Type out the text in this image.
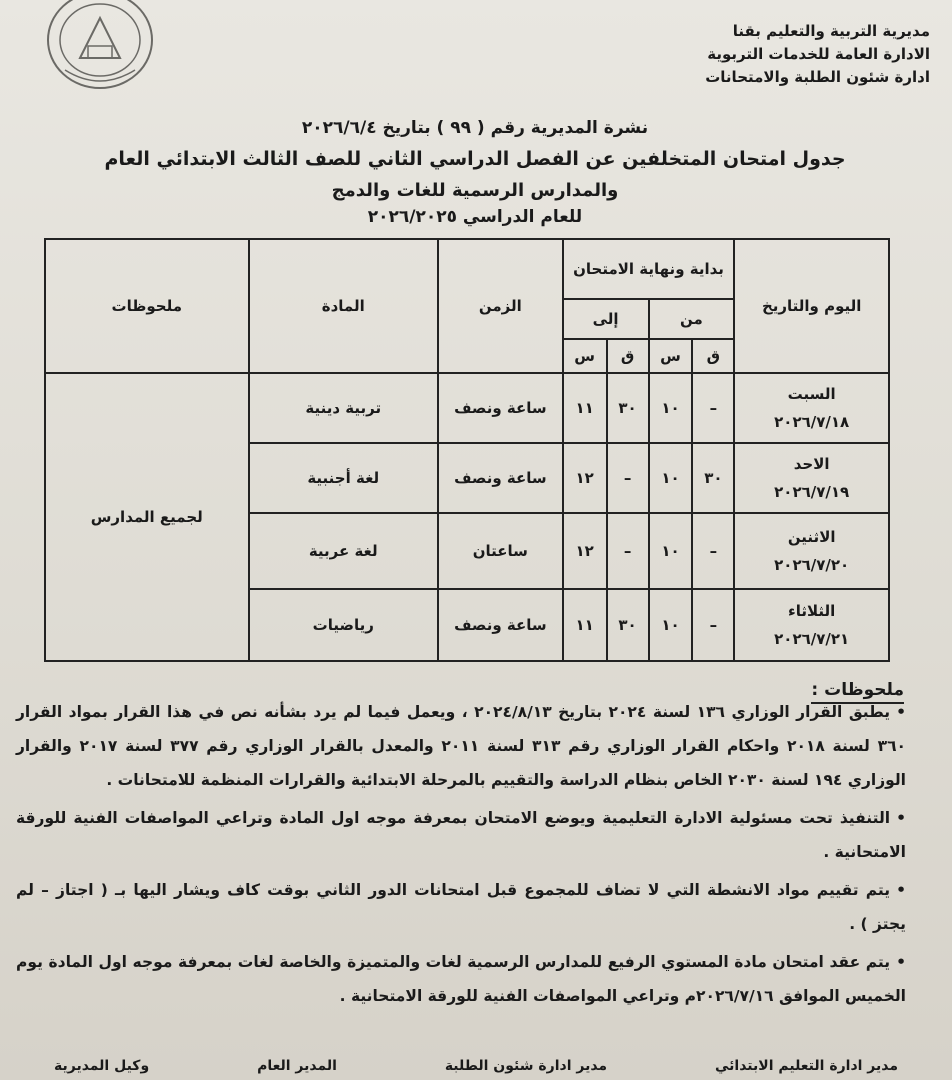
مديرية التربية والتعليم بقنا
الادارة العامة للخدمات التربوية
ادارة شئون الطلبة والامتحانات
نشرة المديرية رقم ( ٩٩ ) بتاريخ ٢٠٢٦/٦/٤
جدول امتحان المتخلفين عن الفصل الدراسي الثاني للصف الثالث الابتدائي العام
والمدارس الرسمية للغات والدمج
للعام الدراسي ٢٠٢٦/٢٠٢٥
اليوم والتاريخ	بداية ونهاية الامتحان				الزمن	المادة	ملحوظات
	من		إلى				
	ق	س	ق	س			

السبت
٢٠٢٦/٧/١٨	–	١٠	٣٠	١١	ساعة ونصف	تربية دينية	لجميع المدارس

الاحد
٢٠٢٦/٧/١٩	٣٠	١٠	–	١٢	ساعة ونصف	لغة أجنبية	

الاثنين
٢٠٢٦/٧/٢٠	–	١٠	–	١٢	ساعتان	لغة عربية	

الثلاثاء
٢٠٢٦/٧/٢١	–	١٠	٣٠	١١	ساعة ونصف	رياضيات	
ملحوظات :

•يطبق القرار الوزاري ١٣٦ لسنة ٢٠٢٤ بتاريخ ٢٠٢٤/٨/١٣ ، ويعمل فيما لم يرد بشأنه نص في هذا القرار بمواد القرار ٣٦٠ لسنة ٢٠١٨ واحكام القرار الوزاري رقم ٣١٣ لسنة ٢٠١١ والمعدل بالقرار الوزاري رقم ٣٧٧ لسنة ٢٠١٧ والقرار الوزاري ١٩٤ لسنة ٢٠٣٠ الخاص بنظام الدراسة والتقييم بالمرحلة الابتدائية والقرارات المنظمة للامتحانات .

•التنفيذ تحت مسئولية الادارة التعليمية ويوضع الامتحان بمعرفة موجه اول المادة وتراعي المواصفات الفنية للورقة الامتحانية .

•يتم تقييم مواد الانشطة التي لا تضاف للمجموع قبل امتحانات الدور الثاني بوقت كاف ويشار اليها بـ ( اجتاز – لم يجتز ) .

•يتم عقد امتحان مادة المستوي الرفيع للمدارس الرسمية لغات والمتميزة والخاصة لغات بمعرفة موجه اول المادة يوم الخميس الموافق ٢٠٢٦/٧/١٦م وتراعي المواصفات الفنية للورقة الامتحانية .

مدير ادارة التعليم الابتدائي
مدير ادارة شئون الطلبة
المدير العام
وكيل المديرية
